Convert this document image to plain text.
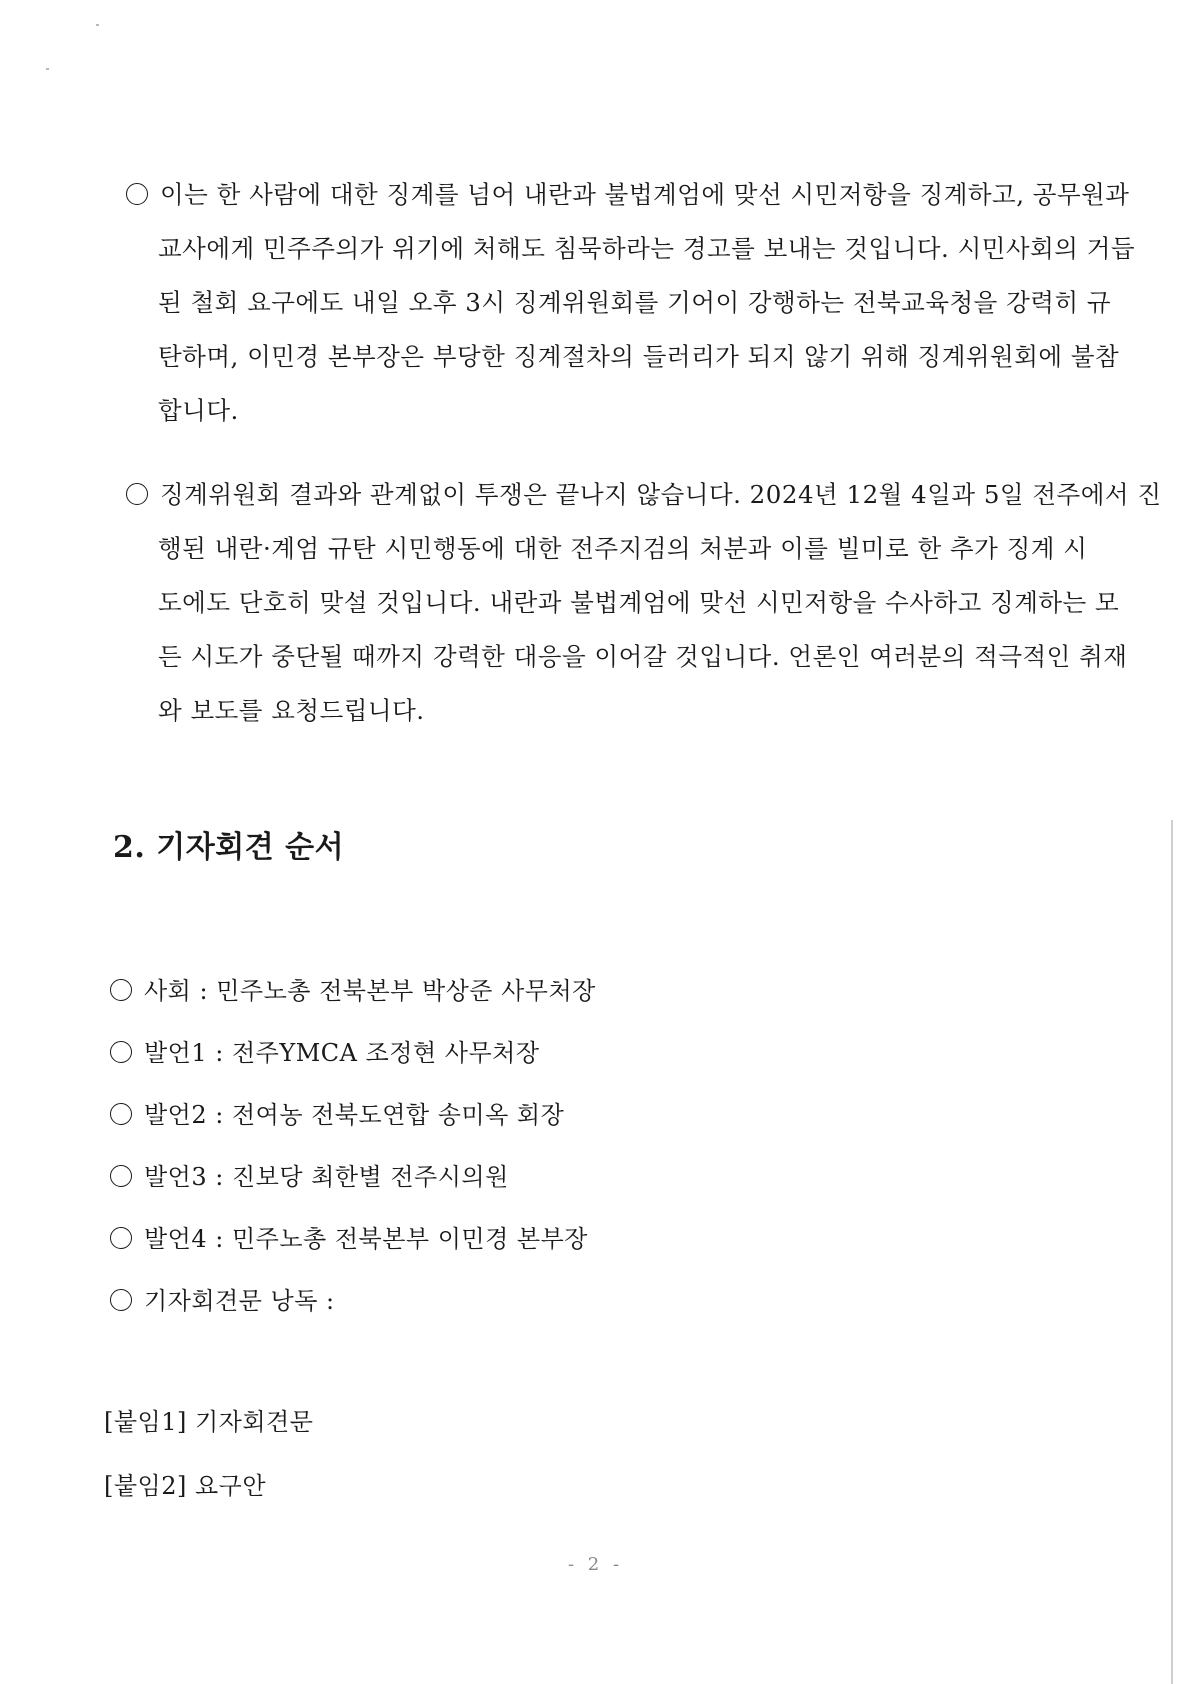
이는 한 사람에 대한 징계를 넘어 내란과 불법계엄에 맞선 시민저항을 징계하고, 공무원과
교사에게 민주주의가 위기에 처해도 침묵하라는 경고를 보내는 것입니다. 시민사회의 거듭
된 철회 요구에도 내일 오후 3시 징계위원회를 기어이 강행하는 전북교육청을 강력히 규
탄하며, 이민경 본부장은 부당한 징계절차의 들러리가 되지 않기 위해 징계위원회에 불참
합니다.
징계위원회 결과와 관계없이 투쟁은 끝나지 않습니다. 2024년 12월 4일과 5일 전주에서 진
행된 내란·계엄 규탄 시민행동에 대한 전주지검의 처분과 이를 빌미로 한 추가 징계 시
도에도 단호히 맞설 것입니다. 내란과 불법계엄에 맞선 시민저항을 수사하고 징계하는 모
든 시도가 중단될 때까지 강력한 대응을 이어갈 것입니다. 언론인 여러분의 적극적인 취재
와 보도를 요청드립니다.
2. 기자회견 순서
사회 : 민주노총 전북본부 박상준 사무처장
발언1 : 전주YMCA 조정현 사무처장
발언2 : 전여농 전북도연합 송미옥 회장
발언3 : 진보당 최한별 전주시의원
발언4 : 민주노총 전북본부 이민경 본부장
기자회견문 낭독 :
[붙임1] 기자회견문
[붙임2] 요구안
- 2 -
